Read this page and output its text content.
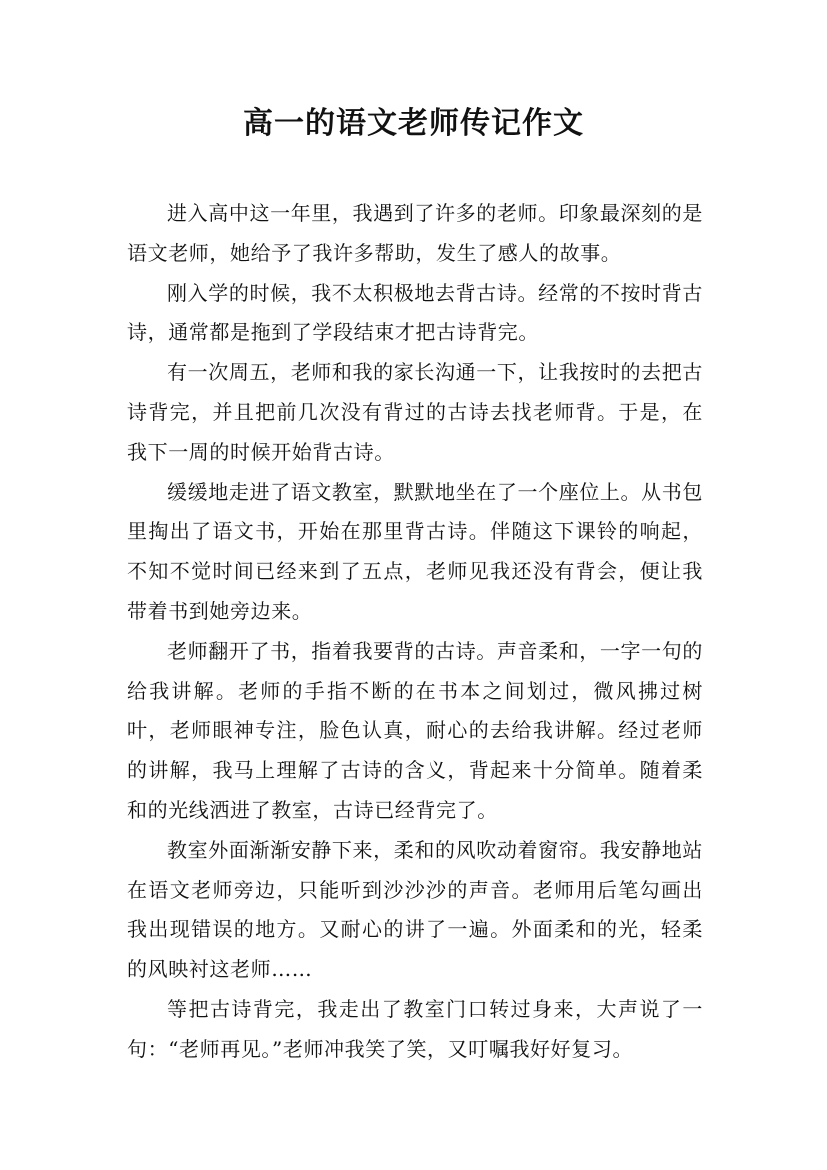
高一的语文老师传记作文

进入高中这一年里，我遇到了许多的老师。印象最深刻的是语文老师，她给予了我许多帮助，发生了感人的故事。

刚入学的时候，我不太积极地去背古诗。经常的不按时背古诗，通常都是拖到了学段结束才把古诗背完。

有一次周五，老师和我的家长沟通一下，让我按时的去把古诗背完，并且把前几次没有背过的古诗去找老师背。于是，在我下一周的时候开始背古诗。

缓缓地走进了语文教室，默默地坐在了一个座位上。从书包里掏出了语文书，开始在那里背古诗。伴随这下课铃的响起，不知不觉时间已经来到了五点，老师见我还没有背会，便让我带着书到她旁边来。

老师翻开了书，指着我要背的古诗。声音柔和，一字一句的给我讲解。老师的手指不断的在书本之间划过，微风拂过树叶，老师眼神专注，脸色认真，耐心的去给我讲解。经过老师的讲解，我马上理解了古诗的含义，背起来十分简单。随着柔和的光线洒进了教室，古诗已经背完了。

教室外面渐渐安静下来，柔和的风吹动着窗帘。我安静地站在语文老师旁边，只能听到沙沙沙的声音。老师用后笔勾画出我出现错误的地方。又耐心的讲了一遍。外面柔和的光，轻柔的风映衬这老师……

等把古诗背完，我走出了教室门口转过身来，大声说了一句：“老师再见。”老师冲我笑了笑，又叮嘱我好好复习。
